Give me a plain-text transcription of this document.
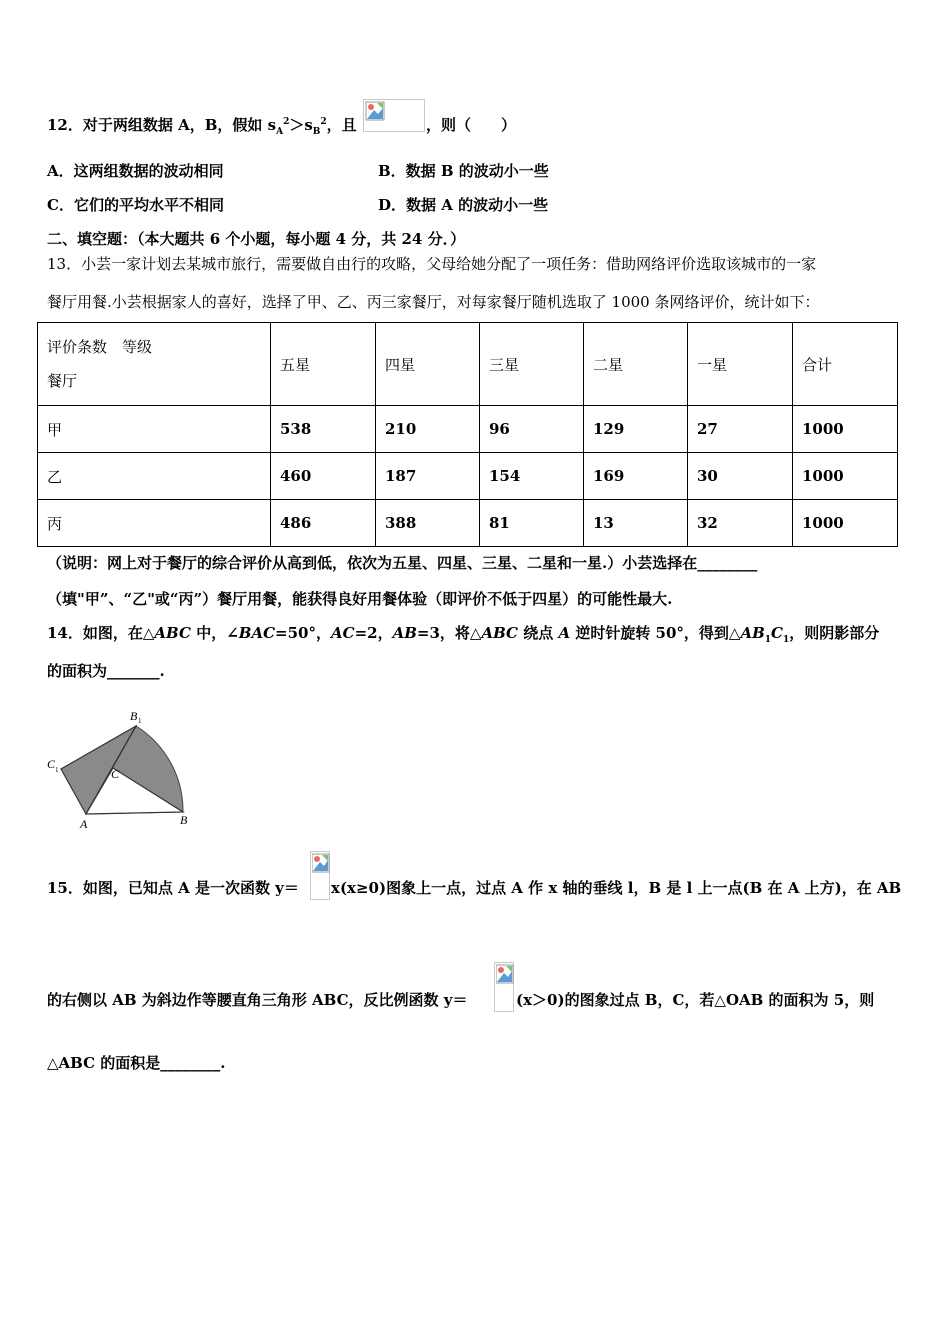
12．对于两组数据 A，B，假如 $s_A^2>s_B^2$，且	，则（　　）
A．这两组数据的波动相同	B．数据 B 的波动小一些
C．它们的平均水平不相同	D．数据 A 的波动小一些
二、填空题：（本大题共 6 个小题，每小题 4 分，共 24 分．）
13．小芸一家计划去某城市旅行，需要做自由行的攻略，父母给她分配了一项任务：借助网络评价选取该城市的一家
餐厅用餐.小芸根据家人的喜好，选择了甲、乙、丙三家餐厅，对每家餐厅随机选取了 1000 条网络评价，统计如下：
评价条数　等级
餐厅	五星	四星	三星	二星	一星	合计
甲	538	210	96	129	27	1000
乙	460	187	154	169	30	1000
丙	486	388	81	13	32	1000
（说明：网上对于餐厅的综合评价从高到低，依次为五星、四星、三星、二星和一星.）小芸选择在________
（填"甲”、“乙"或“丙”）餐厅用餐，能获得良好用餐体验（即评价不低于四星）的可能性最大.
14．如图，在△ABC 中，∠BAC=50°，AC=2，AB=3，将△ABC 绕点 A 逆时针旋转 50°，得到$\triangle AB_1C_1$，则阴影部分
的面积为_______.
B 1
C 1	C
A	B
15．如图，已知点 A 是一次函数 y＝ x(x≥0)图象上一点，过点 A 作 x 轴的垂线 l，B 是 l 上一点(B 在 A 上方)，在 AB
的右侧以 AB 为斜边作等腰直角三角形 ABC，反比例函数 y＝	(x＞0)的图象过点 B，C，若△OAB 的面积为 5，则
△ABC 的面积是________.
